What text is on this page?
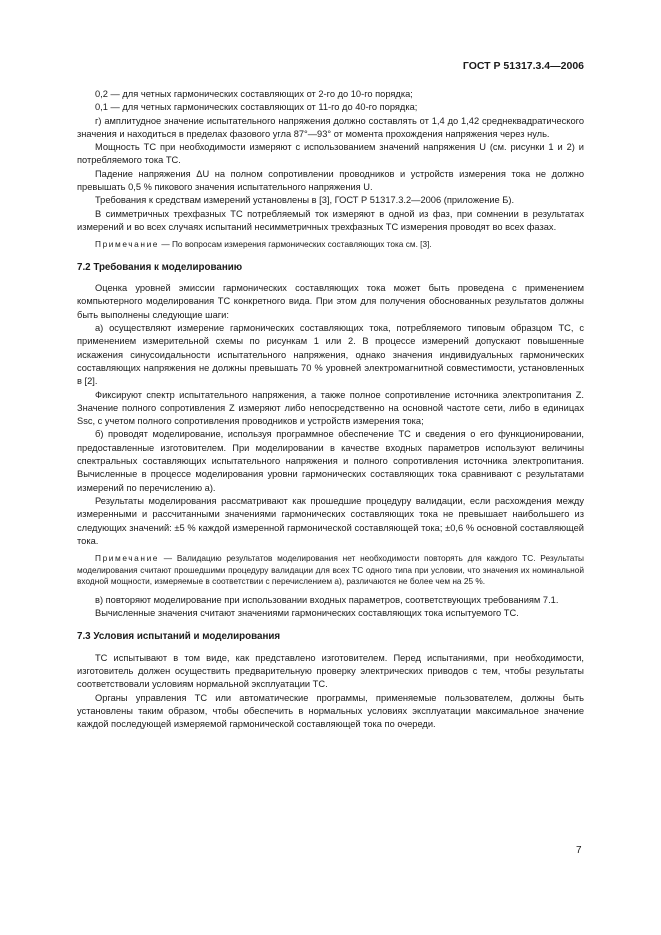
ГОСТ Р 51317.3.4—2006

0,2 — для четных гармонических составляющих от 2-го до 10-го порядка;

0,1 — для четных гармонических составляющих от 11-го до 40-го порядка;

г) амплитудное значение испытательного напряжения должно составлять от 1,4 до 1,42 среднеквадратического значения и находиться в пределах фазового угла 87°—93° от момента прохождения напряжения через нуль.

Мощность ТС при необходимости измеряют с использованием значений напряжения U (см. рисунки 1 и 2) и потребляемого тока ТС.

Падение напряжения ΔU на полном сопротивлении проводников и устройств измерения тока не должно превышать 0,5 % пикового значения испытательного напряжения U.

Требования к средствам измерений установлены в [3], ГОСТ Р 51317.3.2—2006 (приложение Б).

В симметричных трехфазных ТС потребляемый ток измеряют в одной из фаз, при сомнении в результатах измерений и во всех случаях испытаний несимметричных трехфазных ТС измерения проводят во всех фазах.

Примечание — По вопросам измерения гармонических составляющих тока см. [3].

7.2 Требования к моделированию

Оценка уровней эмиссии гармонических составляющих тока может быть проведена с применением компьютерного моделирования ТС конкретного вида. При этом для получения обоснованных результатов должны быть выполнены следующие шаги:

а) осуществляют измерение гармонических составляющих тока, потребляемого типовым образцом ТС, с применением измерительной схемы по рисункам 1 или 2. В процессе измерений допускают повышенные искажения синусоидальности испытательного напряжения, однако значения индивидуальных гармонических составляющих напряжения не должны превышать 70 % уровней электромагнитной совместимости, установленных в [2].

Фиксируют спектр испытательного напряжения, а также полное сопротивление источника электропитания Z. Значение полного сопротивления Z измеряют либо непосредственно на основной частоте сети, либо в единицах Ssc, с учетом полного сопротивления проводников и устройств измерения тока;

б) проводят моделирование, используя программное обеспечение ТС и сведения о его функционировании, предоставленные изготовителем. При моделировании в качестве входных параметров используют величины спектральных составляющих испытательного напряжения и полного сопротивления источника электропитания. Вычисленные в процессе моделирования уровни гармонических составляющих тока сравнивают с результатами измерений по перечислению а).

Результаты моделирования рассматривают как прошедшие процедуру валидации, если расхождения между измеренными и рассчитанными значениями гармонических составляющих тока не превышает наибольшего из следующих значений: ±5 % каждой измеренной гармонической составляющей тока; ±0,6 % основной составляющей тока.

Примечание — Валидацию результатов моделирования нет необходимости повторять для каждого ТС. Результаты моделирования считают прошедшими процедуру валидации для всех ТС одного типа при условии, что значения их номинальной входной мощности, измеряемые в соответствии с перечислением а), различаются не более чем на 25 %.

в) повторяют моделирование при использовании входных параметров, соответствующих требованиям 7.1.

Вычисленные значения считают значениями гармонических составляющих тока испытуемого ТС.

7.3 Условия испытаний и моделирования

ТС испытывают в том виде, как представлено изготовителем. Перед испытаниями, при необходимости, изготовитель должен осуществить предварительную проверку электрических приводов с тем, чтобы результаты соответствовали условиям нормальной эксплуатации ТС.

Органы управления ТС или автоматические программы, применяемые пользователем, должны быть установлены таким образом, чтобы обеспечить в нормальных условиях эксплуатации максимальное значение каждой последующей измеряемой гармонической составляющей тока по очереди.

7
